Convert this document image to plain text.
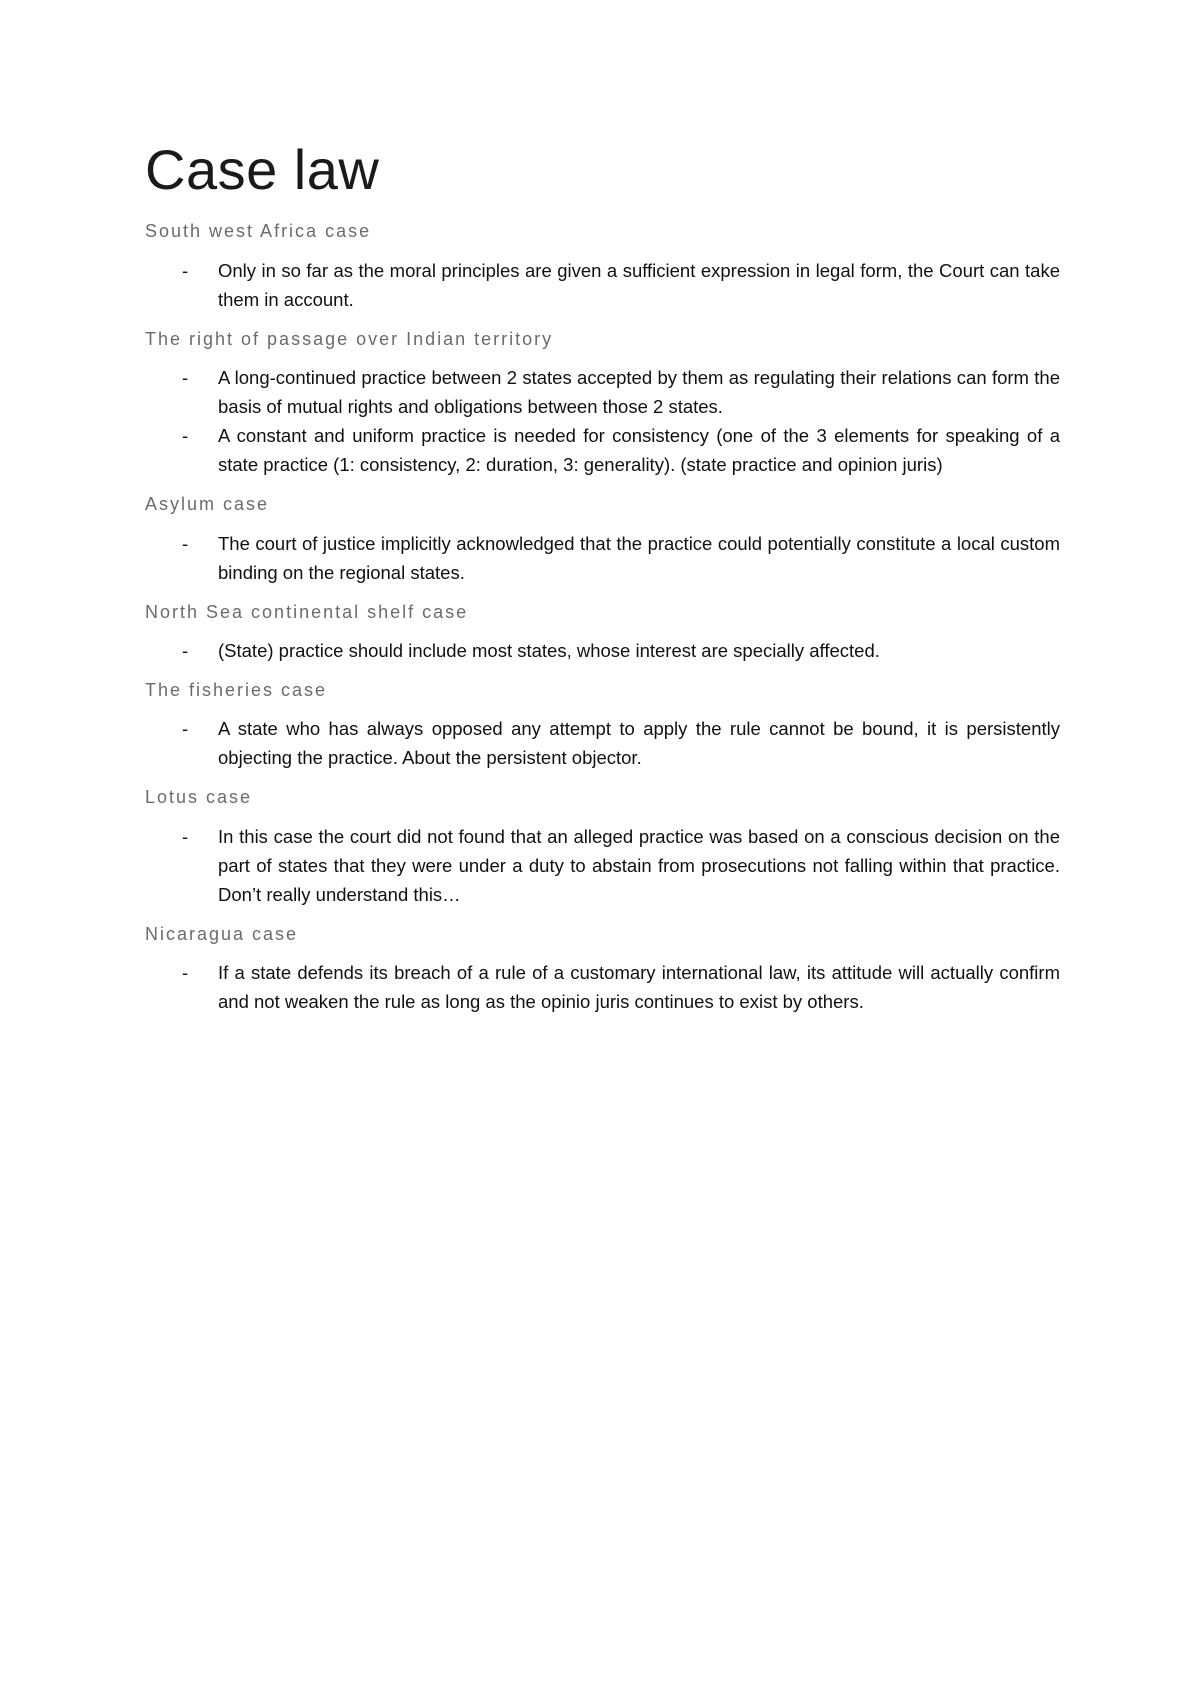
Case law
South west Africa case
- Only in so far as the moral principles are given a sufficient expression in legal form, the Court can take them in account.
The right of passage over Indian territory
- A long-continued practice between 2 states accepted by them as regulating their relations can form the basis of mutual rights and obligations between those 2 states.
- A constant and uniform practice is needed for consistency (one of the 3 elements for speaking of a state practice (1: consistency, 2: duration, 3: generality). (state practice and opinion juris)
Asylum case
- The court of justice implicitly acknowledged that the practice could potentially constitute a local custom binding on the regional states.
North Sea continental shelf case
- (State) practice should include most states, whose interest are specially affected.
The fisheries case
- A state who has always opposed any attempt to apply the rule cannot be bound, it is persistently objecting the practice. About the persistent objector.
Lotus case
- In this case the court did not found that an alleged practice was based on a conscious decision on the part of states that they were under a duty to abstain from prosecutions not falling within that practice. Don’t really understand this…
Nicaragua case
- If a state defends its breach of a rule of a customary international law, its attitude will actually confirm and not weaken the rule as long as the opinio juris continues to exist by others.
